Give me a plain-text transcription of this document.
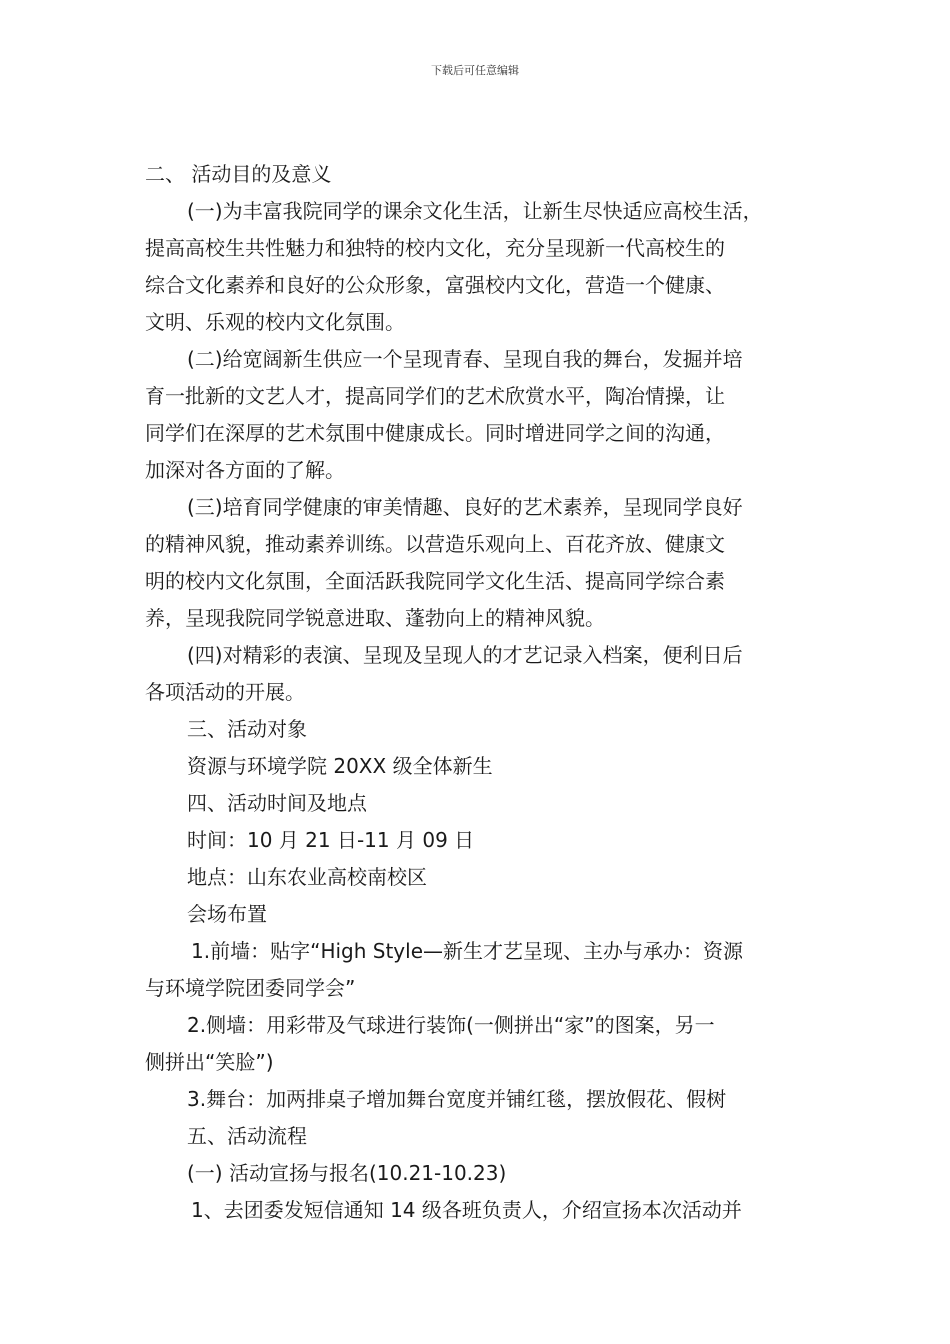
下载后可任意编辑
二、 活动目的及意义
(一)为丰富我院同学的课余文化生活，让新生尽快适应高校生活，
提高高校生共性魅力和独特的校内文化，充分呈现新一代高校生的
综合文化素养和良好的公众形象，富强校内文化，营造一个健康、
文明、乐观的校内文化氛围。
(二)给宽阔新生供应一个呈现青春、呈现自我的舞台，发掘并培
育一批新的文艺人才，提高同学们的艺术欣赏水平，陶冶情操，让
同学们在深厚的艺术氛围中健康成长。同时增进同学之间的沟通，
加深对各方面的了解。
(三)培育同学健康的审美情趣、良好的艺术素养，呈现同学良好
的精神风貌，推动素养训练。以营造乐观向上、百花齐放、健康文
明的校内文化氛围，全面活跃我院同学文化生活、提高同学综合素
养，呈现我院同学锐意进取、蓬勃向上的精神风貌。
(四)对精彩的表演、呈现及呈现人的才艺记录入档案，便利日后
各项活动的开展。
三、活动对象
资源与环境学院 20XX 级全体新生
四、活动时间及地点
时间：10 月 21 日-11 月 09 日
地点：山东农业高校南校区
会场布置
1.前墙：贴字“High Style—新生才艺呈现、主办与承办：资源
与环境学院团委同学会”
2.侧墙：用彩带及气球进行装饰(一侧拼出“家”的图案，另一
侧拼出“笑脸”)
3.舞台：加两排桌子增加舞台宽度并铺红毯，摆放假花、假树
五、活动流程
(一) 活动宣扬与报名(10.21-10.23)
1、去团委发短信通知 14 级各班负责人，介绍宣扬本次活动并
